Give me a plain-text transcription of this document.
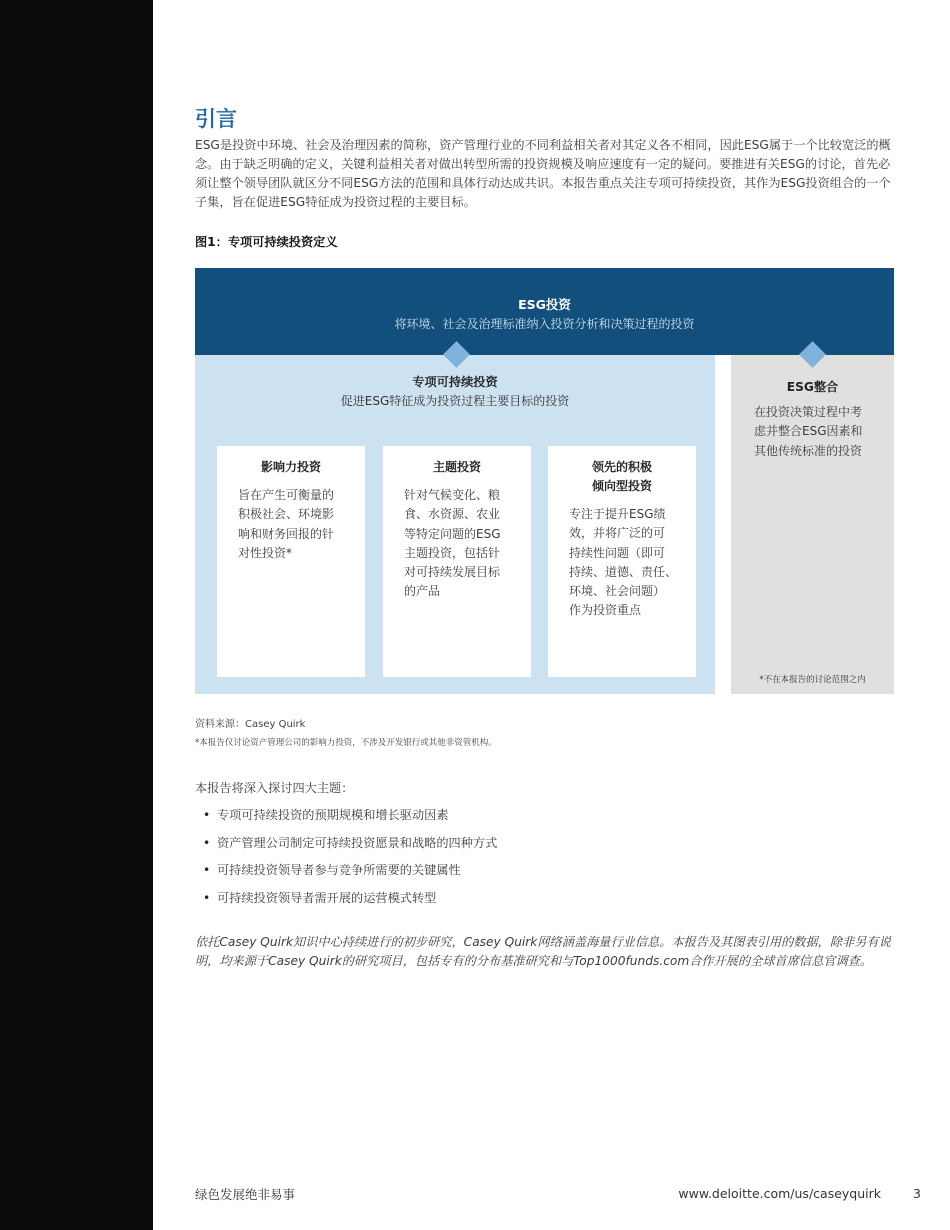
引言

ESG是投资中环境、社会及治理因素的简称，资产管理行业的不同利益相关者对其定义各不相同，因此ESG属于一个比较宽泛的概念。由于缺乏明确的定义，关键利益相关者对做出转型所需的投资规模及响应速度有一定的疑问。要推进有关ESG的讨论，首先必须让整个领导团队就区分不同ESG方法的范围和具体行动达成共识。本报告重点关注专项可持续投资，其作为ESG投资组合的一个子集，旨在促进ESG特征成为投资过程的主要目标。

图1：专项可持续投资定义

ESG投资
将环境、社会及治理标准纳入投资分析和决策过程的投资
专项可持续投资
促进ESG特征成为投资过程主要目标的投资
影响力投资
旨在产生可衡量的
积极社会、环境影
响和财务回报的针
对性投资*
主题投资
针对气候变化、粮
食、水资源、农业
等特定问题的ESG
主题投资，包括针
对可持续发展目标
的产品
领先的积极
倾向型投资
专注于提升ESG绩
效，并将广泛的可
持续性问题（即可
持续、道德、责任、
环境、社会问题）
作为投资重点
ESG整合
在投资决策过程中考
虑并整合ESG因素和
其他传统标准的投资
*不在本报告的讨论范围之内

资料来源：Casey Quirk

*本报告仅讨论资产管理公司的影响力投资，不涉及开发银行或其他非资管机构。

本报告将深入探讨四大主题：

• 专项可持续投资的预期规模和增长驱动因素
• 资产管理公司制定可持续投资愿景和战略的四种方式
• 可持续投资领导者参与竞争所需要的关键属性
• 可持续投资领导者需开展的运营模式转型

依托Casey Quirk知识中心持续进行的初步研究，Casey Quirk网络涵盖海量行业信息。本报告及其图表引用的数据，除非另有说明，均来源于Casey Quirk的研究项目，包括专有的分布基准研究和与Top1000funds.com合作开展的全球首席信息官调查。

绿色发展绝非易事	www.deloitte.com/us/caseyquirk	3
